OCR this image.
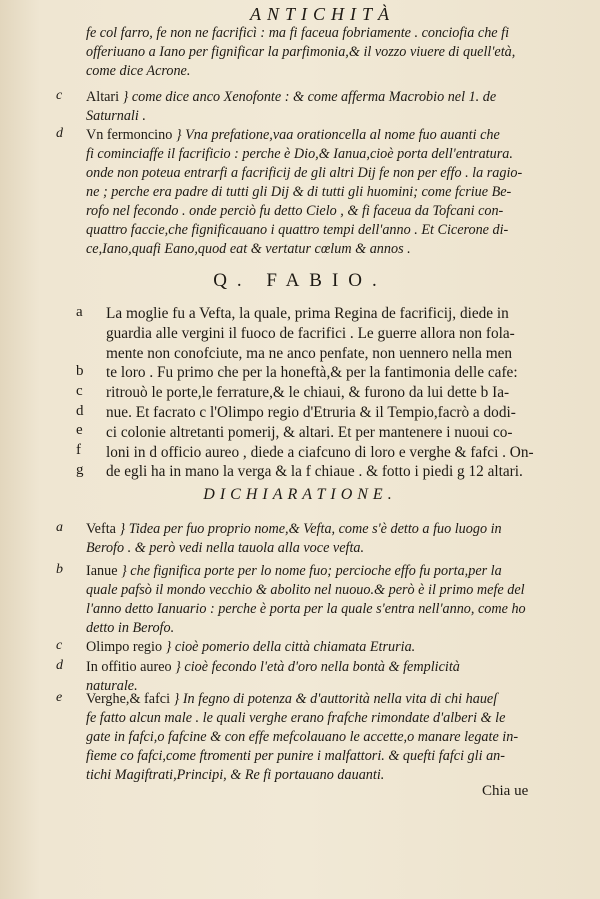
ANTICHITÀ
fe col farro, fe non ne facrificì : ma fi faceua fobriamente . conciofia che fi
offeriuano a Iano per fignificar la parfimonia,& il vozzo viuere di quell'età,
come dice Acrone.
c Altari } come dice anco Xenofonte : & come afferma Macrobio nel 1. de
Saturnali .
d Vn fermoncino } Vna prefatione,vaa orationcella al nome fuo auanti che
fi cominciaffe il facrificio : perche è Dio,& Ianua,cioè porta dell'entratura.
onde non poteua entrarfi a facrificij de gli altri Dij fe non per effo . la ragio-
ne ; perche era padre di tutti gli Dij & di tutti gli huomini; come fcriue Be-
rofo nel fecondo . onde perciò fu detto Cielo , & fi faceua da Tofcani con-
quattro faccie,che fignificauano i quattro tempi dell'anno . Et Cicerone di-
ce,Iano,quafi Eano,quod eat & vertatur cœlum & annos .
Q. FABIO.
a
b
c
d
e
f
g
La moglie fu a Vefta, la quale, prima Regina de facrificij, diede in
guardia alle vergini il fuoco de facrifici . Le guerre allora non fola-
mente non conofciute, ma ne anco penfate, non uennero nella men
te loro . Fu primo che per la honeftà,& per la fantimonia delle cafe:
ritrouò le porte,le ferrature,& le chiaui, & furono da lui dette b Ia-
nue. Et facrato c l'Olimpo regio d'Etruria & il Tempio,facrò a dodi-
ci colonie altretanti pomerij, & altari. Et per mantenere i nuoui co-
loni in d officio aureo , diede a ciafcuno di loro e verghe & fafci . On-
de egli ha in mano la verga & la f chiaue . & fotto i piedi g 12 altari.
DICHIARATIONE.
a Vefta } Tidea per fuo proprio nome,& Vefta, come s'è detto a fuo luogo in
Berofo . & però vedi nella tauola alla voce vefta.
b Ianue } che fignifica porte per lo nome fuo; percioche effo fu porta,per la
quale pafsò il mondo vecchio & abolito nel nuouo.& però è il primo mefe del
l'anno detto Ianuario : perche è porta per la quale s'entra nell'anno, come ho
detto in Berofo.
c Olimpo regio } cioè pomerio della città chiamata Etruria.
d In offitio aureo } cioè fecondo l'età d'oro nella bontà & femplicità
naturale.
e Verghe,& fafci } In fegno di potenza & d'auttorità nella vita di chi haueſ
fe fatto alcun male . le quali verghe erano frafche rimondate d'alberi & le
gate in fafci,o fafcine & con effe mefcolauano le accette,o manare legate in-
fieme co fafci,come ftromenti per punire i malfattori. & quefti fafci gli an-
tichi Magiftrati,Principi, & Re fi portauano dauanti.
Chia ue
